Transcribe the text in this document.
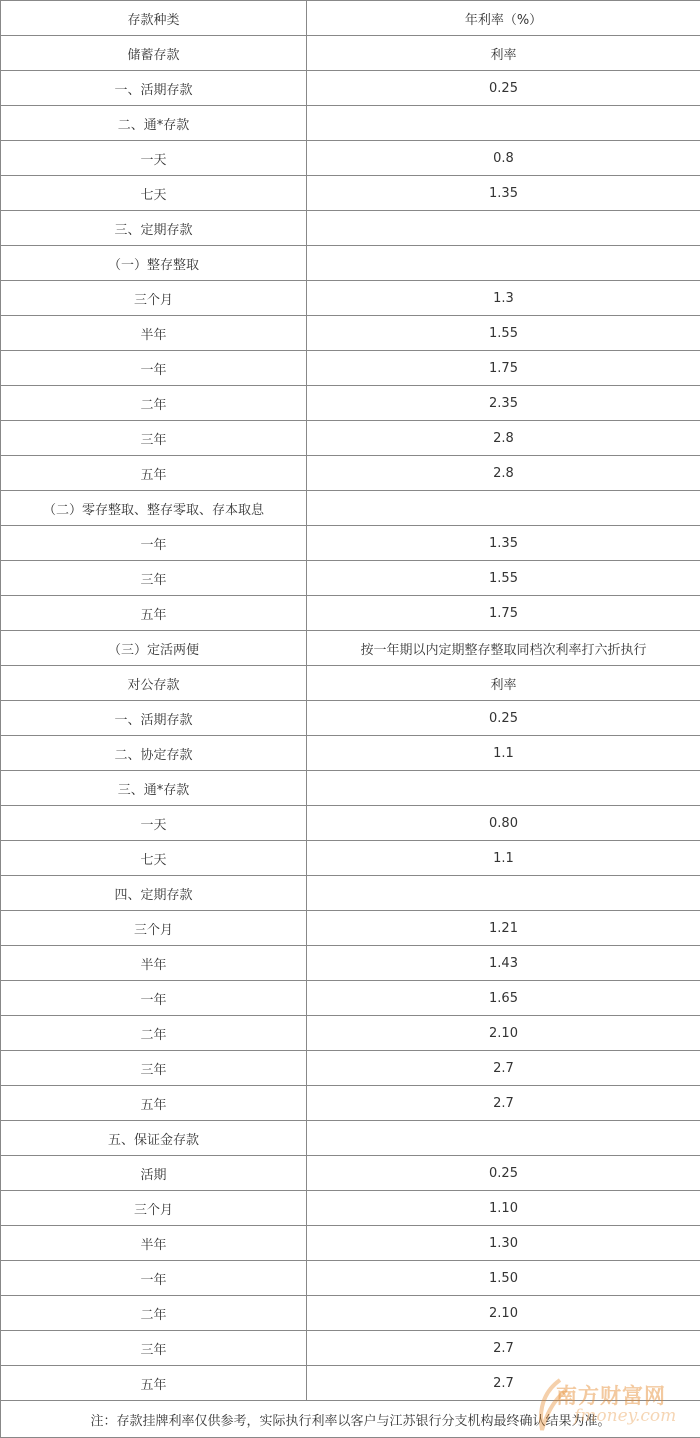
存款种类	年利率（%）
储蓄存款	利率
一、活期存款	0.25
二、通*存款	
一天	0.8
七天	1.35
三、定期存款	
（一）整存整取	
三个月	1.3
半年	1.55
一年	1.75
二年	2.35
三年	2.8
五年	2.8
（二）零存整取、整存零取、存本取息	
一年	1.35
三年	1.55
五年	1.75
（三）定活两便	按一年期以内定期整存整取同档次利率打六折执行
对公存款	利率
一、活期存款	0.25
二、协定存款	1.1
三、通*存款	
一天	0.80
七天	1.1
四、定期存款	
三个月	1.21
半年	1.43
一年	1.65
二年	2.10
三年	2.7
五年	2.7
五、保证金存款	
活期	0.25
三个月	1.10
半年	1.30
一年	1.50
二年	2.10
三年	2.7
五年	2.7
注：存款挂牌利率仅供参考，实际执行利率以客户与江苏银行分支机构最终确认结果为准。	
南方财富网
fmoney.com
